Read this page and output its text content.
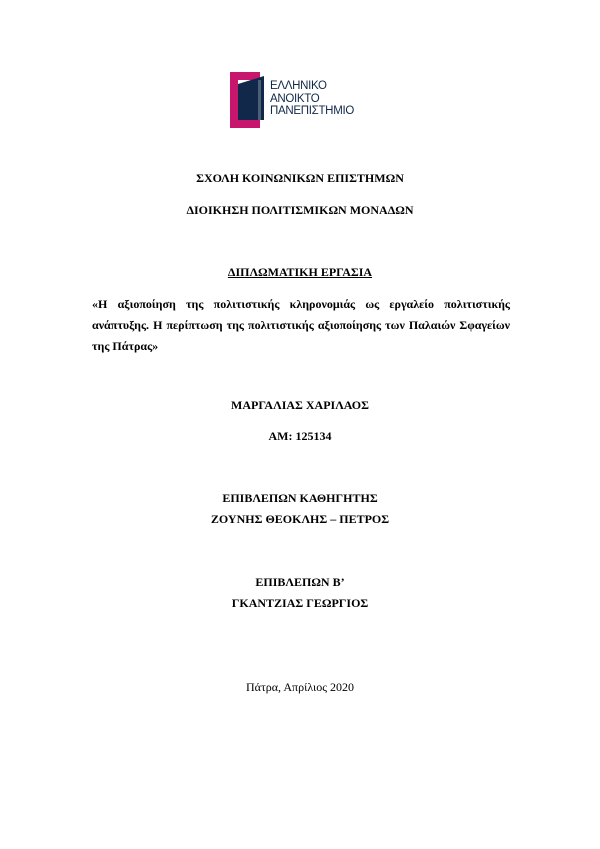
ΕΛΛΗΝΙΚΟ
ΑΝΟΙΚΤΟ
ΠΑΝΕΠΙΣΤΗΜΙΟ
ΣΧΟΛΗ ΚΟΙΝΩΝΙΚΩΝ ΕΠΙΣΤΗΜΩΝ
ΔΙΟΙΚΗΣΗ ΠΟΛΙΤΙΣΜΙΚΩΝ ΜΟΝΑΔΩΝ
ΔΙΠΛΩΜΑΤΙΚΗ ΕΡΓΑΣΙΑ
«Η αξιοποίηση της πολιτιστικής κληρονομιάς ως εργαλείο πολιτιστικής ανάπτυξης. Η περίπτωση της πολιτιστικής αξιοποίησης των Παλαιών Σφαγείων της Πάτρας»
ΜΑΡΓΑΛΙΑΣ ΧΑΡΙΛΑΟΣ
ΑΜ: 125134
ΕΠΙΒΛΕΠΩΝ ΚΑΘΗΓΗΤΗΣ
ΖΟΥΝΗΣ ΘΕΟΚΛΗΣ – ΠΕΤΡΟΣ
ΕΠΙΒΛΕΠΩΝ Β’
ΓΚΑΝΤΖΙΑΣ ΓΕΩΡΓΙΟΣ
Πάτρα, Απρίλιος 2020
